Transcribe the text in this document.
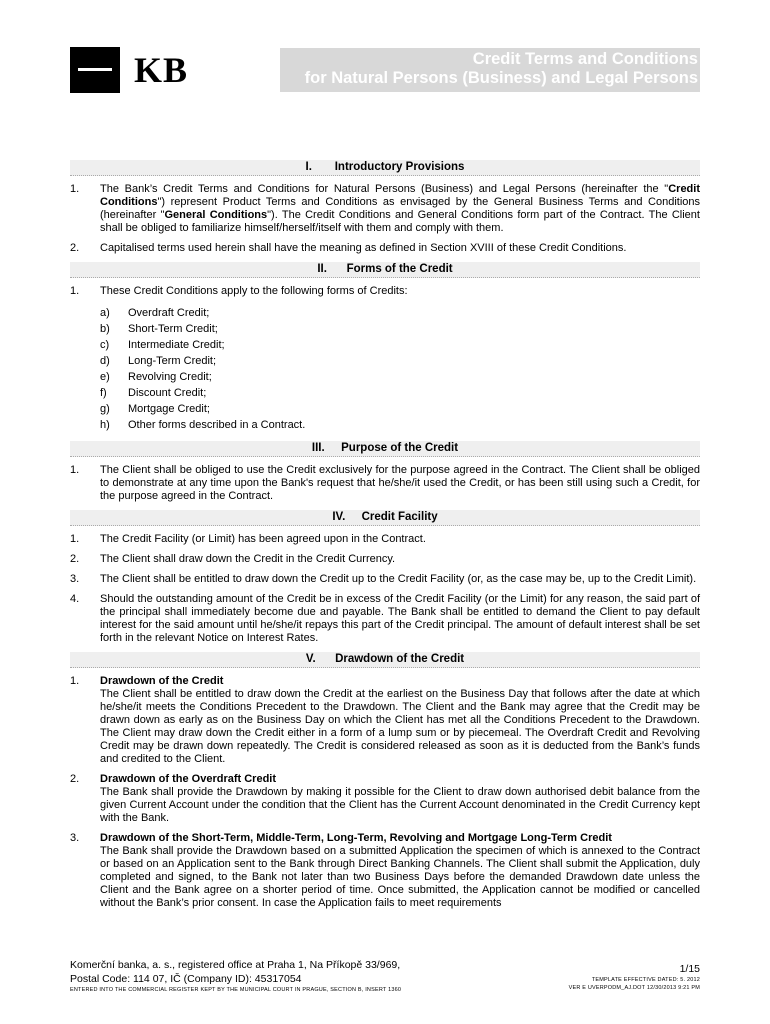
KB	Credit Terms and Conditions
for Natural Persons (Business) and Legal Persons
I. Introductory Provisions
1.	The Bank’s Credit Terms and Conditions for Natural Persons (Business) and Legal Persons (hereinafter the "Credit Conditions") represent Product Terms and Conditions as envisaged by the General Business Terms and Conditions (hereinafter "General Conditions"). The Credit Conditions and General Conditions form part of the Contract. The Client shall be obliged to familiarize himself/herself/itself with them and comply with them.
2.	Capitalised terms used herein shall have the meaning as defined in Section XVIII of these Credit Conditions.
II. Forms of the Credit
1.	These Credit Conditions apply to the following forms of Credits:
a)	Overdraft Credit;
b)	Short-Term Credit;
c)	Intermediate Credit;
d)	Long-Term Credit;
e)	Revolving Credit;
f)	Discount Credit;
g)	Mortgage Credit;
h)	Other forms described in a Contract.
III. Purpose of the Credit
1.	The Client shall be obliged to use the Credit exclusively for the purpose agreed in the Contract. The Client shall be obliged to demonstrate at any time upon the Bank's request that he/she/it used the Credit, or has been still using such a Credit, for the purpose agreed in the Contract.
IV. Credit Facility
1.	The Credit Facility (or Limit) has been agreed upon in the Contract.
2.	The Client shall draw down the Credit in the Credit Currency.
3.	The Client shall be entitled to draw down the Credit up to the Credit Facility (or, as the case may be, up to the Credit Limit).
4.	Should the outstanding amount of the Credit be in excess of the Credit Facility (or the Limit) for any reason, the said part of the principal shall immediately become due and payable. The Bank shall be entitled to demand the Client to pay default interest for the said amount until he/she/it repays this part of the Credit principal. The amount of default interest shall be set forth in the relevant Notice on Interest Rates.
V. Drawdown of the Credit
1.	Drawdown of the Credit
The Client shall be entitled to draw down the Credit at the earliest on the Business Day that follows after the date at which he/she/it meets the Conditions Precedent to the Drawdown. The Client and the Bank may agree that the Credit may be drawn down as early as on the Business Day on which the Client has met all the Conditions Precedent to the Drawdown. The Client may draw down the Credit either in a form of a lump sum or by piecemeal. The Overdraft Credit and Revolving Credit may be drawn down repeatedly. The Credit is considered released as soon as it is deducted from the Bank’s funds and credited to the Client.
2.	Drawdown of the Overdraft Credit
The Bank shall provide the Drawdown by making it possible for the Client to draw down authorised debit balance from the given Current Account under the condition that the Client has the Current Account denominated in the Credit Currency kept with the Bank.
3.	Drawdown of the Short-Term, Middle-Term, Long-Term, Revolving and Mortgage Long-Term Credit
The Bank shall provide the Drawdown based on a submitted Application the specimen of which is annexed to the Contract or based on an Application sent to the Bank through Direct Banking Channels. The Client shall submit the Application, duly completed and signed, to the Bank not later than two Business Days before the demanded Drawdown date unless the Client and the Bank agree on a shorter period of time. Once submitted, the Application cannot be modified or cancelled without the Bank’s prior consent. In case the Application fails to meet requirements
Komerční banka, a. s., registered office at Praha 1, Na Příkopě 33/969,
Postal Code: 114 07, IČ (Company ID): 45317054
ENTERED INTO THE COMMERCIAL REGISTER KEPT BY THE MUNICIPAL COURT IN PRAGUE, SECTION B, INSERT 1360
1/15
TEMPLATE EFFECTIVE DATED: 5. 2012
VER E UVERPODM_AJ.DOT 12/30/2013 9:21 PM
